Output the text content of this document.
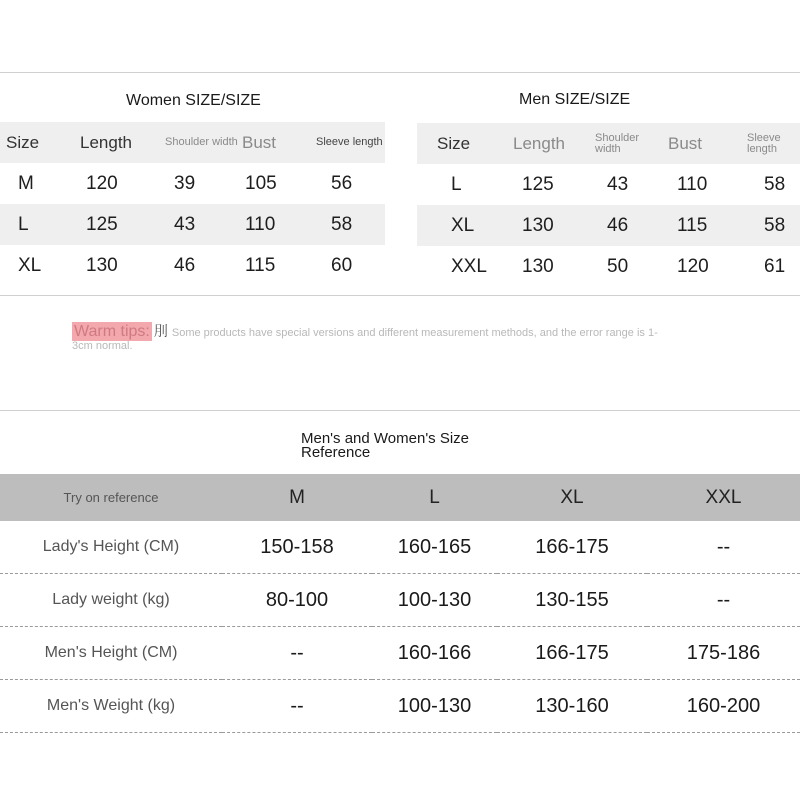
Women SIZE/SIZE
Size	Length	Shoulder width	Bust	Sleeve length
M	120	39	105	56
L	125	43	110	58
XL	130	46	115	60
Men SIZE/SIZE
Size	Length	Shoulder width	Bust	Sleeve length
L	125	43	110	58
XL	130	46	115	58
XXL	130	50	120	61
Warm tips: 刖 Some products have special versions and different measurement methods, and the error range is 1-3cm normal.
Men's and Women's Size
Reference
Try on reference	M	L	XL	XXL
Lady's Height (CM)	150-158	160-165	166-175	--
Lady weight (kg)	80-100	100-130	130-155	--
Men's Height (CM)	--	160-166	166-175	175-186
Men's Weight (kg)	--	100-130	130-160	160-200
